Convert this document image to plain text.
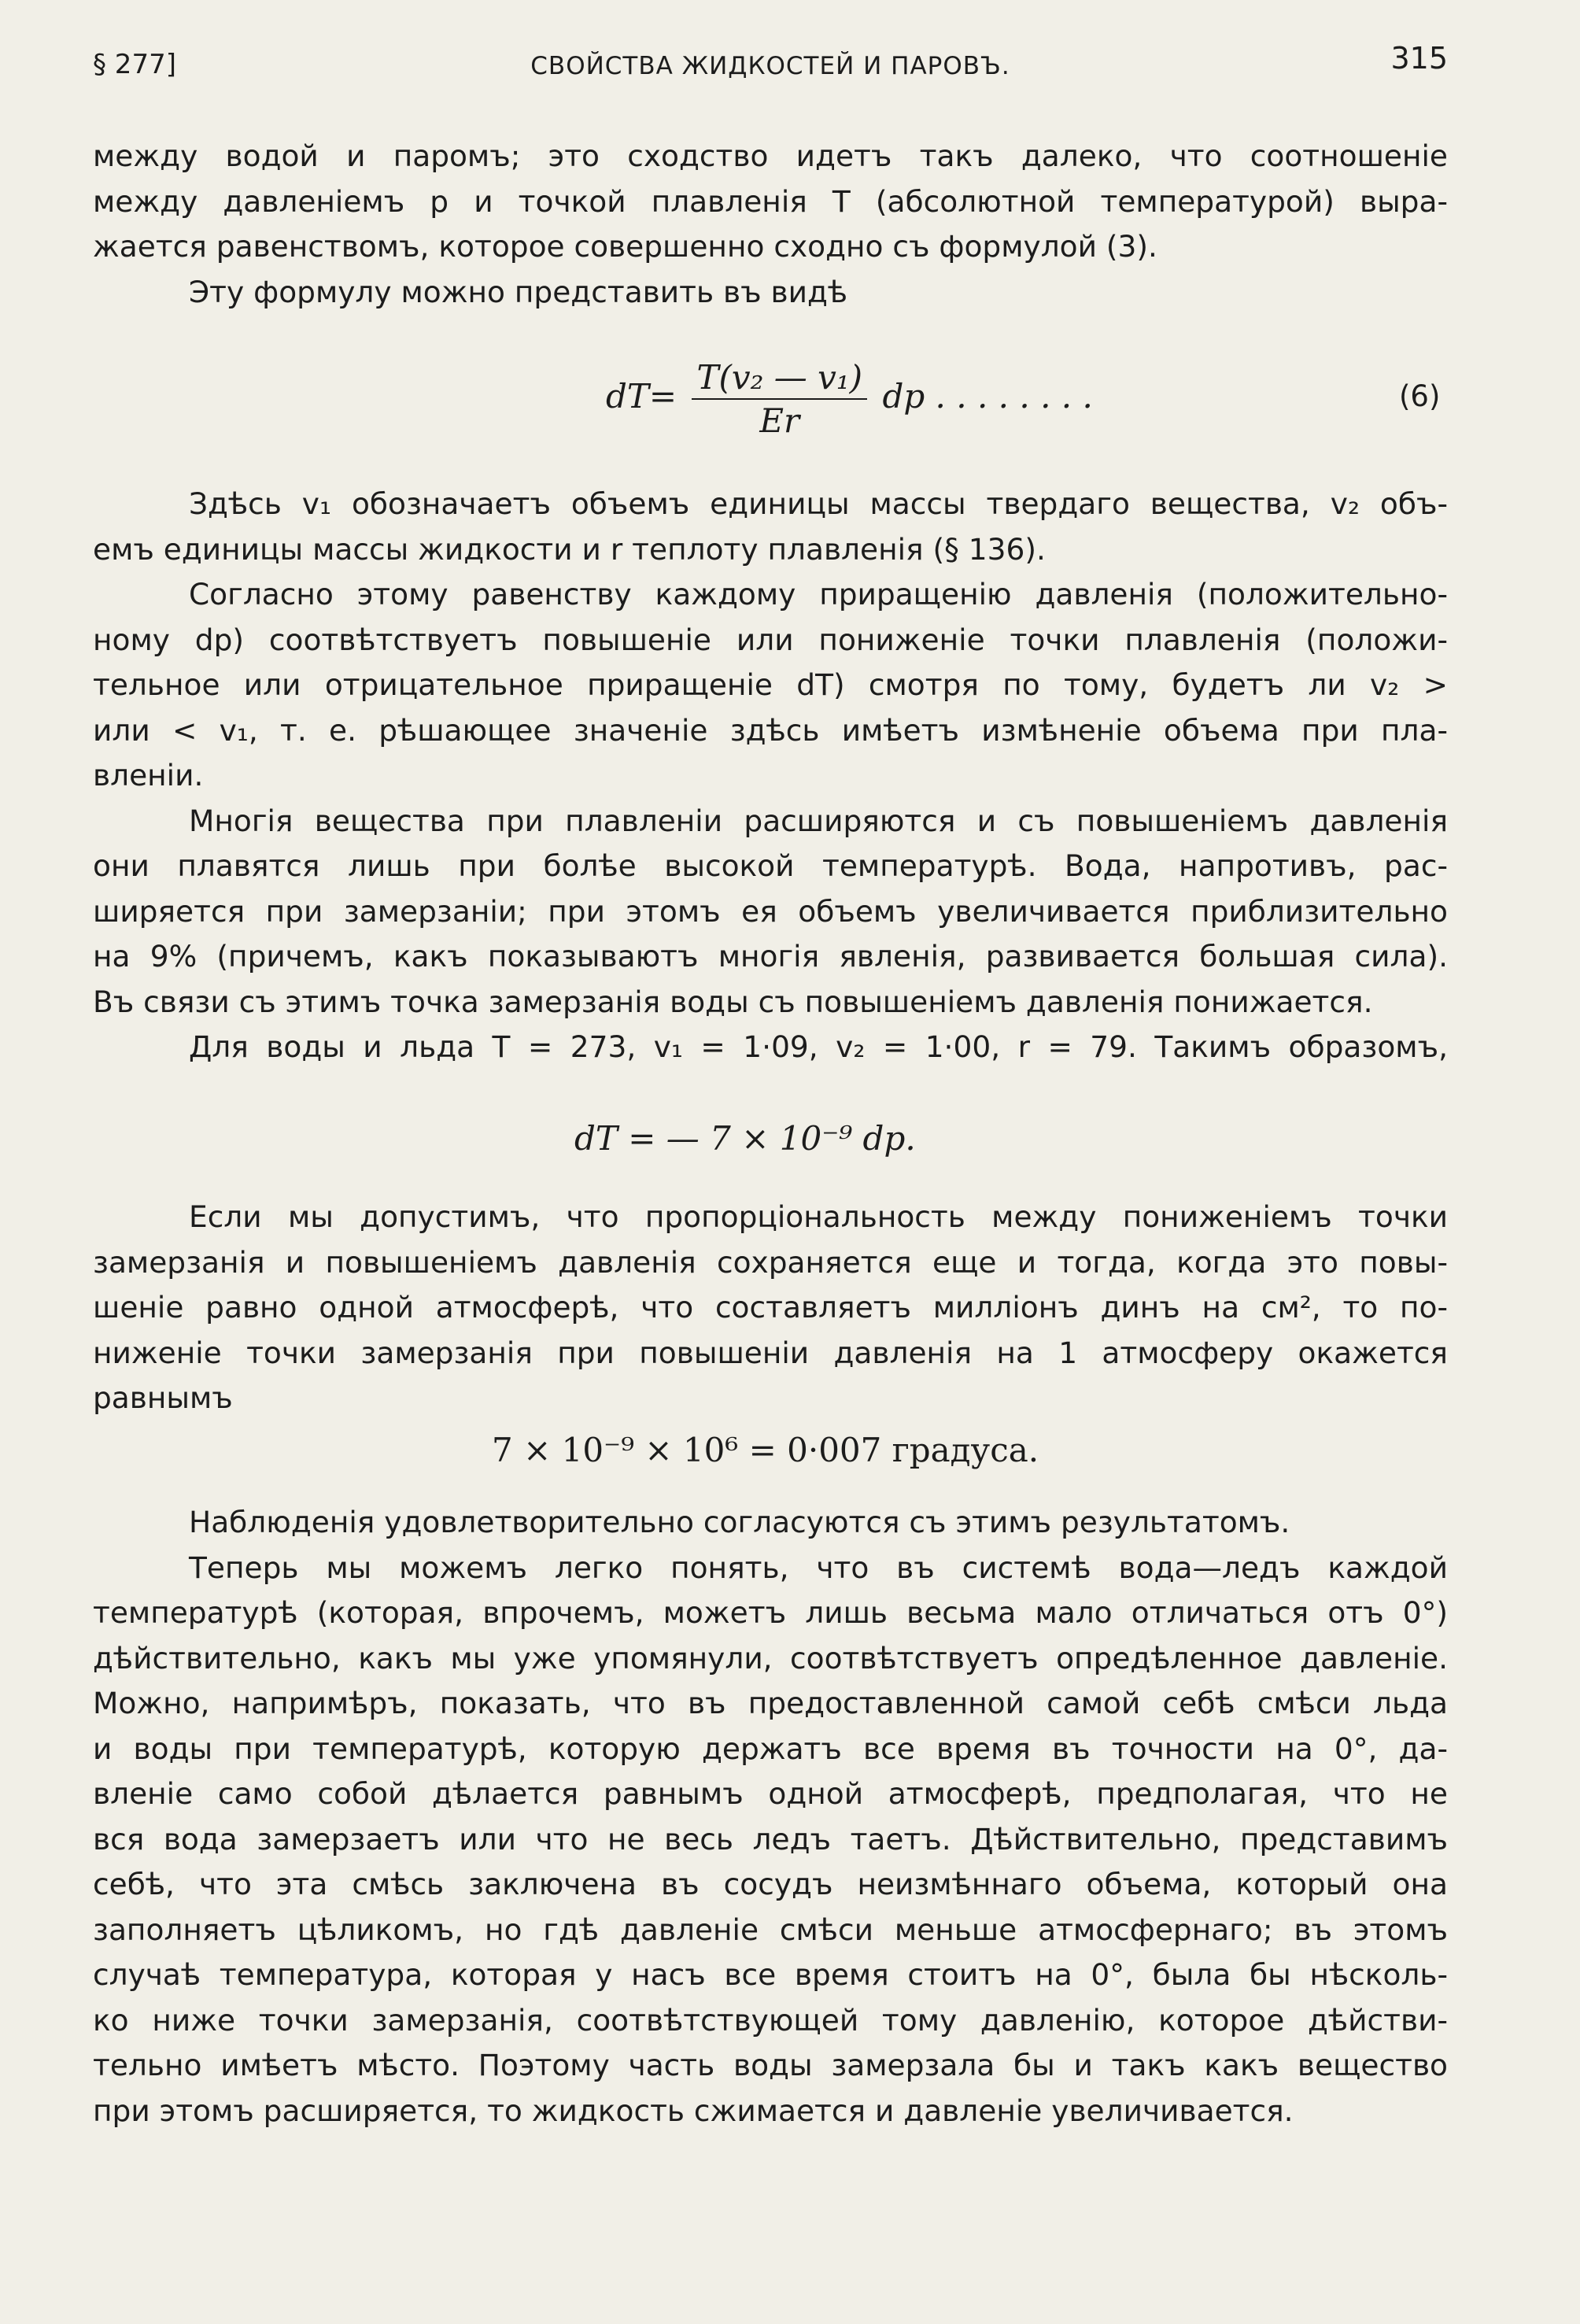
§ 277]	СВОЙСТВА ЖИДКОСТЕЙ И ПАРОВЪ.	315
между водой и паромъ; это сходство идетъ такъ далеко, что соотношенie
между давленiемъ p и точкой плавленiя T (абсолютной температурой) выра-
жается равенствомъ, которое совершенно сходно съ формулой (3).
Эту формулу можно представить въ видѣ
$dT= \frac{\text{T(v₂ — v₁)}}{Er}$ dp . . . . . . . .	(6)
Здѣсь v₁ обозначаетъ объемъ единицы массы твердаго вещества, v₂ объ-
емъ единицы массы жидкости и r теплоту плавленiя (§ 136).
Согласно этому равенству каждому приращенiю давленiя (положительно-
ному dp) соотвѣтствуетъ повышенie или пониженie точки плавленiя (положи-
тельное или отрицательное приращенie dT) смотря по тому, будетъ ли v₂ >
или < v₁, т. е. рѣшающее значенie здѣсь имѣетъ измѣненie объема при пла-
вленiи.
Многiя вещества при плавленiи расширяются и съ повышенiемъ давленiя
они плавятся лишь при болѣе высокой температурѣ. Вода, напротивъ, рас-
ширяется при замерзанiи; при этомъ ея объемъ увеличивается приблизительно
на 9% (причемъ, какъ показываютъ многiя явленiя, развивается большая сила).
Въ связи съ этимъ точка замерзанiя воды съ повышенiемъ давленiя понижается.
Для воды и льда T = 273, v₁ = 1·09, v₂ = 1·00, r = 79. Такимъ образомъ,
dT = — 7 × 10⁻⁹ dp.
Если мы допустимъ, что пропорцiональность между пониженiемъ точки
замерзанiя и повышенiемъ давленiя сохраняется еще и тогда, когда это повы-
шенie равно одной атмосферѣ, что составляетъ миллiонъ динъ на см², то по-
ниженie точки замерзанiя при повышенiи давленiя на 1 атмосферу окажется
равнымъ
7 × 10⁻⁹ × 10⁶ = 0·007 градуса.
Наблюденiя удовлетворительно согласуются съ этимъ результатомъ.
Теперь мы можемъ легко понять, что въ системѣ вода—ледъ каждой
температурѣ (которая, впрочемъ, можетъ лишь весьма мало отличаться отъ 0°)
дѣйствительно, какъ мы уже упомянули, соотвѣтствуетъ опредѣленное давленie.
Можно, напримѣръ, показать, что въ предоставленной самой себѣ смѣси льда
и воды при температурѣ, которую держатъ все время въ точности на 0°, да-
вленie само собой дѣлается равнымъ одной атмосферѣ, предполагая, что не
вся вода замерзаетъ или что не весь ледъ таетъ. Дѣйствительно, представимъ
себѣ, что эта смѣсь заключена въ сосудъ неизмѣннаго объема, который она
заполняетъ цѣликомъ, но гдѣ давленie смѣси меньше атмосфернаго; въ этомъ
случаѣ температура, которая у насъ все время стоитъ на 0°, была бы нѣсколь-
ко ниже точки замерзанiя, соотвѣтствующей тому давленiю, которое дѣйстви-
тельно имѣетъ мѣсто. Поэтому часть воды замерзала бы и такъ какъ вещество
при этомъ расширяется, то жидкость сжимается и давленie увеличивается.
